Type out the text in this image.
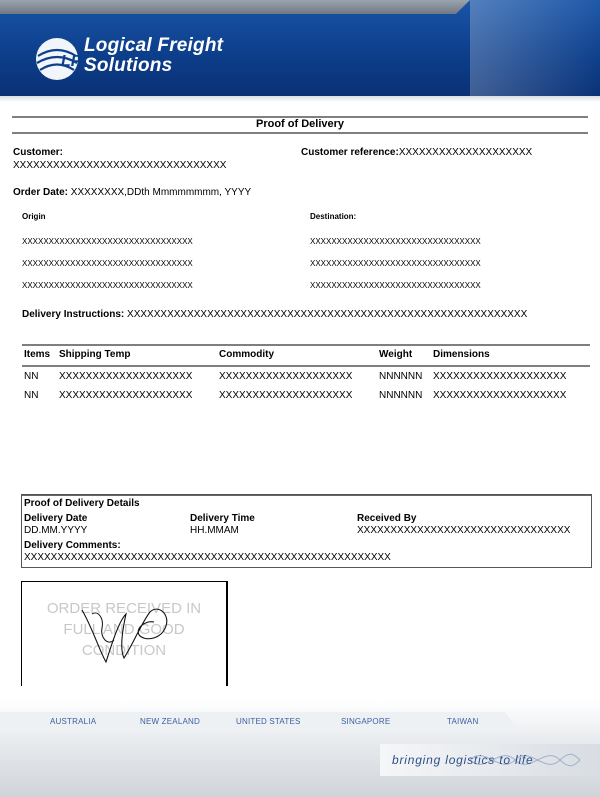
LFS
Logical Freight
Solutions
Proof of Delivery
Customer:
XXXXXXXXXXXXXXXXXXXXXXXXXXXXXXXX
Customer reference:XXXXXXXXXXXXXXXXXXXX
Order Date: XXXXXXXX,DDth Mmmmmmmm, YYYY
Origin
XXXXXXXXXXXXXXXXXXXXXXXXXXXXXXXX
XXXXXXXXXXXXXXXXXXXXXXXXXXXXXXXX
XXXXXXXXXXXXXXXXXXXXXXXXXXXXXXXX
Destination:
XXXXXXXXXXXXXXXXXXXXXXXXXXXXXXXX
XXXXXXXXXXXXXXXXXXXXXXXXXXXXXXXX
XXXXXXXXXXXXXXXXXXXXXXXXXXXXXXXX
Delivery Instructions: XXXXXXXXXXXXXXXXXXXXXXXXXXXXXXXXXXXXXXXXXXXXXXXXXXXXXXXXXXXX
Items Shipping Temp	Commodity	Weight Dimensions
NN XXXXXXXXXXXXXXXXXXXX	XXXXXXXXXXXXXXXXXXXX	NNNNNN XXXXXXXXXXXXXXXXXXXX
NN XXXXXXXXXXXXXXXXXXXX	XXXXXXXXXXXXXXXXXXXX	NNNNNN XXXXXXXXXXXXXXXXXXXX
Proof of Delivery Details
Delivery Date
DD.MM.YYYY
Delivery Time
HH.MMAM
Received By
XXXXXXXXXXXXXXXXXXXXXXXXXXXXXXXX
Delivery Comments:
XXXXXXXXXXXXXXXXXXXXXXXXXXXXXXXXXXXXXXXXXXXXXXXXXXXXXXX
ORDER RECEIVED IN
FULL AND GOOD
CONDITION
AUSTRALIA	NEW ZEALAND	UNITED STATES	SINGAPORE	TAIWAN
bringing logistics to life
